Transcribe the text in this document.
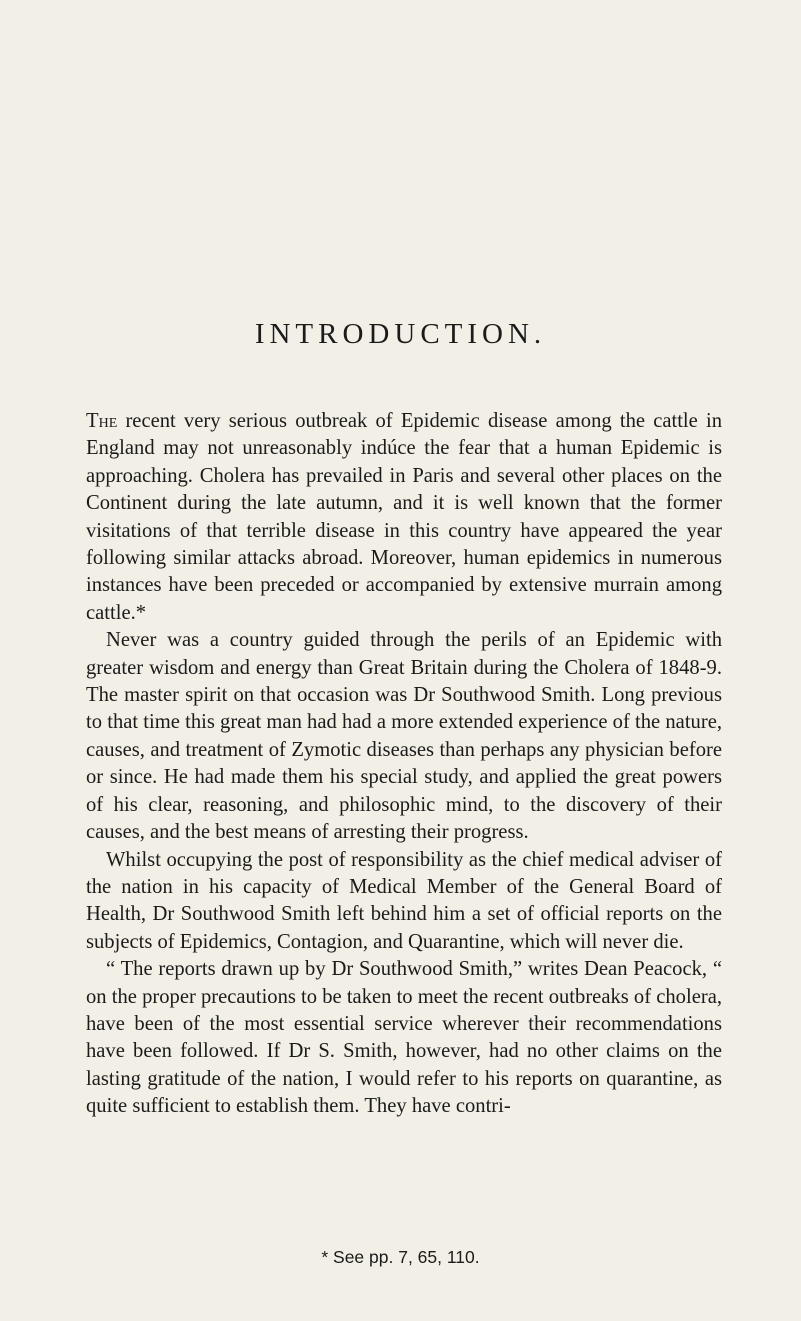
INTRODUCTION.

The recent very serious outbreak of Epidemic disease among the cattle in England may not unreasonably indúce the fear that a human Epidemic is approaching. Cholera has prevailed in Paris and several other places on the Continent during the late autumn, and it is well known that the former visitations of that terrible disease in this country have appeared the year following similar attacks abroad. Moreover, human epidemics in numerous instances have been preceded or accompanied by extensive murrain among cattle.*

Never was a country guided through the perils of an Epidemic with greater wisdom and energy than Great Britain during the Cholera of 1848-9. The master spirit on that occasion was Dr Southwood Smith. Long previous to that time this great man had had a more extended experience of the nature, causes, and treatment of Zymotic diseases than perhaps any physician before or since. He had made them his special study, and applied the great powers of his clear, reasoning, and philosophic mind, to the discovery of their causes, and the best means of arresting their progress.

Whilst occupying the post of responsibility as the chief medical adviser of the nation in his capacity of Medical Member of the General Board of Health, Dr Southwood Smith left behind him a set of official reports on the subjects of Epidemics, Contagion, and Quarantine, which will never die.

“ The reports drawn up by Dr Southwood Smith,” writes Dean Peacock, “ on the proper precautions to be taken to meet the recent outbreaks of cholera, have been of the most essential service wherever their recommendations have been followed. If Dr S. Smith, however, had no other claims on the lasting gratitude of the nation, I would refer to his reports on quarantine, as quite sufficient to establish them. They have contri-

* See pp. 7, 65, 110.
